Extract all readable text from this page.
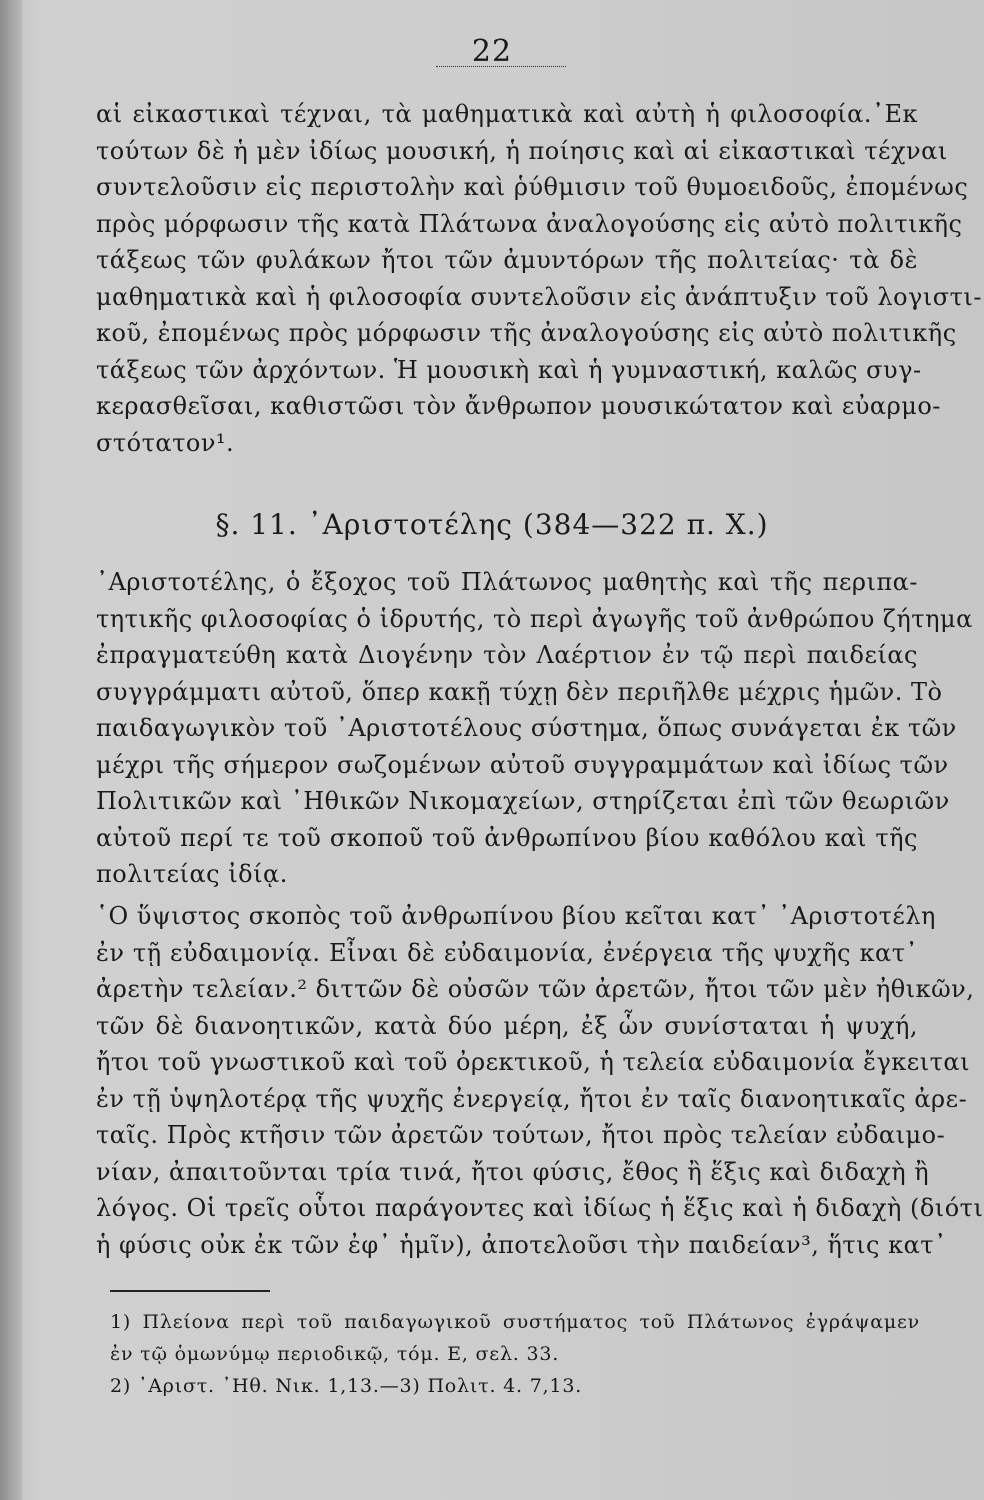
22
αἱ εἰκαστικαὶ τέχναι, τὰ μαθηματικὰ καὶ αὐτὴ ἡ φιλοσοφία.᾽Εκ
τούτων δὲ ἡ μὲν ἰδίως μουσική, ἡ ποίησις καὶ αἱ εἰκαστικαὶ τέχναι
συντελοῦσιν εἰς περιστολὴν καὶ ῥύθμισιν τοῦ θυμοειδοῦς, ἐπομένως
πρὸς μόρφωσιν τῆς κατὰ Πλάτωνα ἀναλογούσης εἰς αὐτὸ πολιτικῆς
τάξεως τῶν φυλάκων ἤτοι τῶν ἀμυντόρων τῆς πολιτείας· τὰ δὲ
μαθηματικὰ καὶ ἡ φιλοσοφία συντελοῦσιν εἰς ἀνάπτυξιν τοῦ λογιστι-
κοῦ, ἐπομένως πρὸς μόρφωσιν τῆς ἀναλογούσης εἰς αὐτὸ πολιτικῆς
τάξεως τῶν ἀρχόντων. Ἡ μουσικὴ καὶ ἡ γυμναστική, καλῶς συγ-
κερασθεῖσαι, καθιστῶσι τὸν ἄνθρωπον μουσικώτατον καὶ εὐαρμο-
στότατον¹.
§. 11. ᾽Αριστοτέλης (384—322 π. Χ.)
᾽Αριστοτέλης, ὁ ἔξοχος τοῦ Πλάτωνος μαθητὴς καὶ τῆς περιπα-
τητικῆς φιλοσοφίας ὁ ἱδρυτής, τὸ περὶ ἀγωγῆς τοῦ ἀνθρώπου ζήτημα
ἐπραγματεύθη κατὰ Διογένην τὸν Λαέρτιον ἐν τῷ περὶ παιδείας
συγγράμματι αὐτοῦ, ὅπερ κακῇ τύχῃ δὲν περιῆλθε μέχρις ἡμῶν. Τὸ
παιδαγωγικὸν τοῦ ᾽Αριστοτέλους σύστημα, ὅπως συνάγεται ἐκ τῶν
μέχρι τῆς σήμερον σωζομένων αὐτοῦ συγγραμμάτων καὶ ἰδίως τῶν
Πολιτικῶν καὶ ᾽Ηθικῶν Νικομαχείων, στηρίζεται ἐπὶ τῶν θεωριῶν
αὐτοῦ περί τε τοῦ σκοποῦ τοῦ ἀνθρωπίνου βίου καθόλου καὶ τῆς
πολιτείας ἰδίᾳ.
῾Ο ὕψιστος σκοπὸς τοῦ ἀνθρωπίνου βίου κεῖται κατ᾽ ᾽Αριστοτέλη
ἐν τῇ εὐδαιμονίᾳ. Εἶναι δὲ εὐδαιμονία, ἐνέργεια τῆς ψυχῆς κατ᾽
ἀρετὴν τελείαν.² διττῶν δὲ οὐσῶν τῶν ἀρετῶν, ἤτοι τῶν μὲν ἠθικῶν,
τῶν δὲ διανοητικῶν, κατὰ δύο μέρη, ἐξ ὧν συνίσταται ἡ ψυχή,
ἤτοι τοῦ γνωστικοῦ καὶ τοῦ ὀρεκτικοῦ, ἡ τελεία εὐδαιμονία ἔγκειται
ἐν τῇ ὑψηλοτέρᾳ τῆς ψυχῆς ἐνεργείᾳ, ἤτοι ἐν ταῖς διανοητικαῖς ἀρε-
ταῖς. Πρὸς κτῆσιν τῶν ἀρετῶν τούτων, ἤτοι πρὸς τελείαν εὐδαιμο-
νίαν, ἀπαιτοῦνται τρία τινά, ἤτοι φύσις, ἔθος ἢ ἕξις καὶ διδαχὴ ἢ
λόγος. Οἱ τρεῖς οὗτοι παράγοντες καὶ ἰδίως ἡ ἕξις καὶ ἡ διδαχὴ (διότι
ἡ φύσις οὐκ ἐκ τῶν ἐφ᾽ ἡμῖν), ἀποτελοῦσι τὴν παιδείαν³, ἥτις κατ᾽
1) Πλείονα περὶ τοῦ παιδαγωγικοῦ συστήματος τοῦ Πλάτωνος ἐγράψαμεν
ἐν τῷ ὁμωνύμῳ περιοδικῷ, τόμ. Ε, σελ. 33.
2) ᾽Αριστ. ᾽Ηθ. Νικ. 1,13.—3) Πολιτ. 4. 7,13.
